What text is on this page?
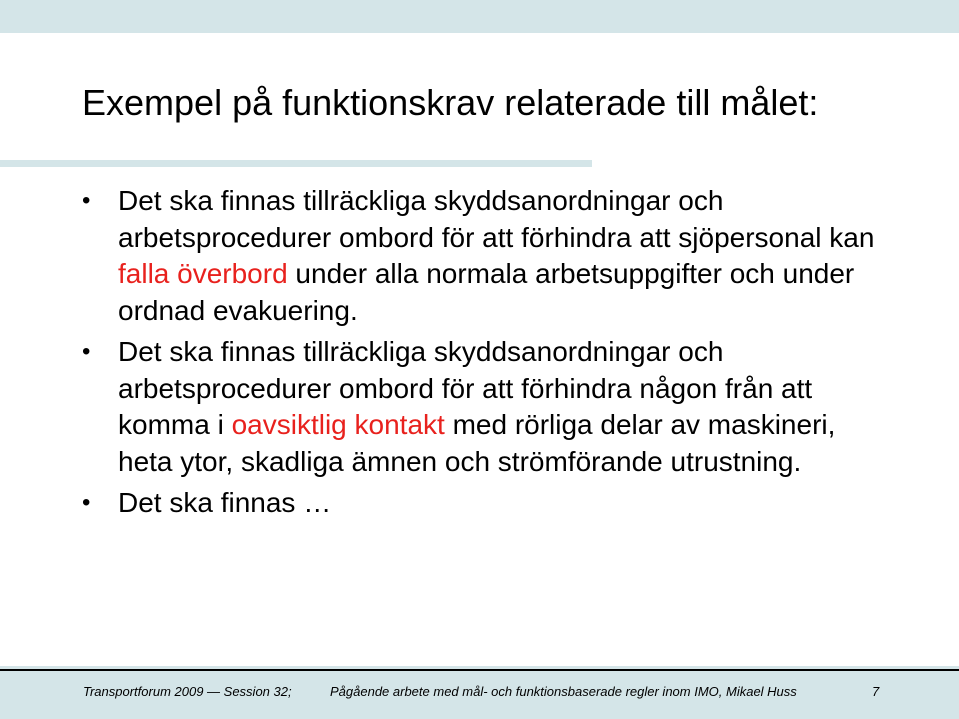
Exempel på funktionskrav relaterade till målet:
• Det ska finnas tillräckliga skyddsanordningar och arbetsprocedurer ombord för att förhindra att sjöpersonal kan falla överbord under alla normala arbetsuppgifter och under ordnad evakuering.
• Det ska finnas tillräckliga skyddsanordningar och arbetsprocedurer ombord för att förhindra någon från att komma i oavsiktlig kontakt med rörliga delar av maskineri, heta ytor, skadliga ämnen och strömförande utrustning.
• Det ska finnas …
Transportforum 2009 — Session 32;	Pågående arbete med mål- och funktionsbaserade regler inom IMO, Mikael Huss	7
